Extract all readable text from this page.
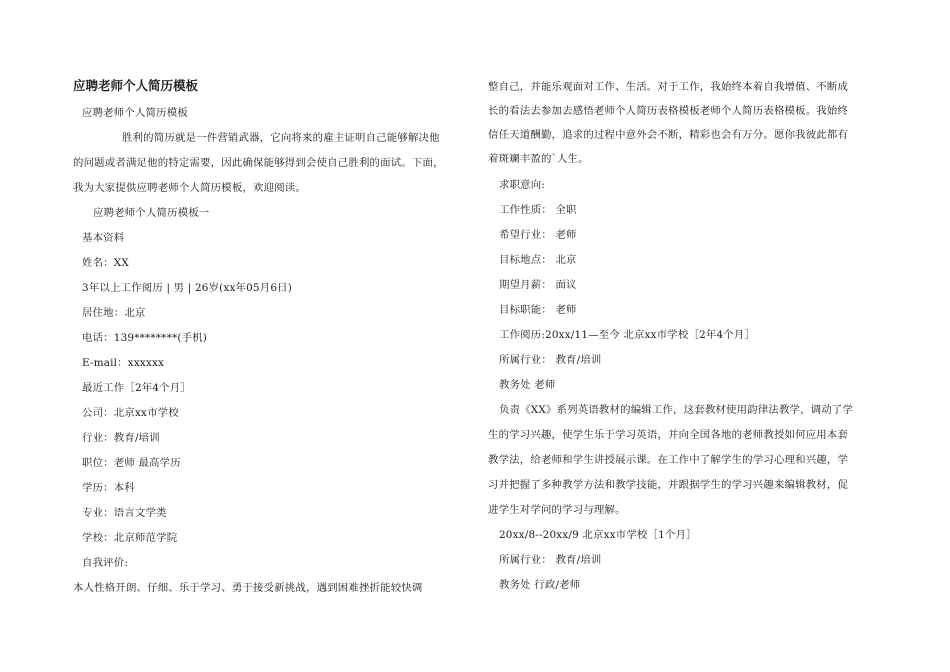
应聘老师个人简历模板
应聘老师个人简历模板
胜利的简历就是一件营销武器，它向将来的雇主证明自己能够解决他
的问题或者满足他的特定需要，因此确保能够得到会使自己胜利的面试。下面，
我为大家提供应聘老师个人简历模板，欢迎阅读。
应聘老师个人简历模板一
基本资料
姓名：XX
3年以上工作阅历 | 男 | 26岁(xx年05月6日)
居住地：北京
电话：139********(手机)
E-mail：xxxxxx
最近工作［2年4个月］
公司：北京xx市学校
行业：教育/培训
职位：老师 最高学历
学历：本科
专业：语言文学类
学校：北京师范学院
自我评价:
本人性格开朗、仔细、乐于学习、勇于接受新挑战，遇到困难挫折能较快调
整自己，并能乐观面对工作、生活。对于工作，我始终本着自我增值、不断成
长的看法去参加去感悟老师个人简历表格模板老师个人简历表格模板。我始终
信任天道酬勤，追求的过程中意外会不断，精彩也会有万分。愿你我彼此都有
着斑斓丰盈的`人生。
求职意向:
工作性质： 全职
希望行业： 老师
目标地点： 北京
期望月薪： 面议
目标职能： 老师
工作阅历:20xx/11—至今 北京xx市学校［2年4个月］
所属行业： 教育/培训
教务处 老师
负责《XX》系列英语教材的编辑工作，这套教材使用韵律法教学，调动了学
生的学习兴趣，使学生乐于学习英语，并向全国各地的老师教授如何应用本套
教学法，给老师和学生讲授展示课。在工作中了解学生的学习心理和兴趣，学
习并把握了多种教学方法和教学技能，并跟据学生的学习兴趣来编辑教材，促
进学生对学问的学习与理解。
20xx/8--20xx/9 北京xx市学校［1个月］
所属行业： 教育/培训
教务处 行政/老师
